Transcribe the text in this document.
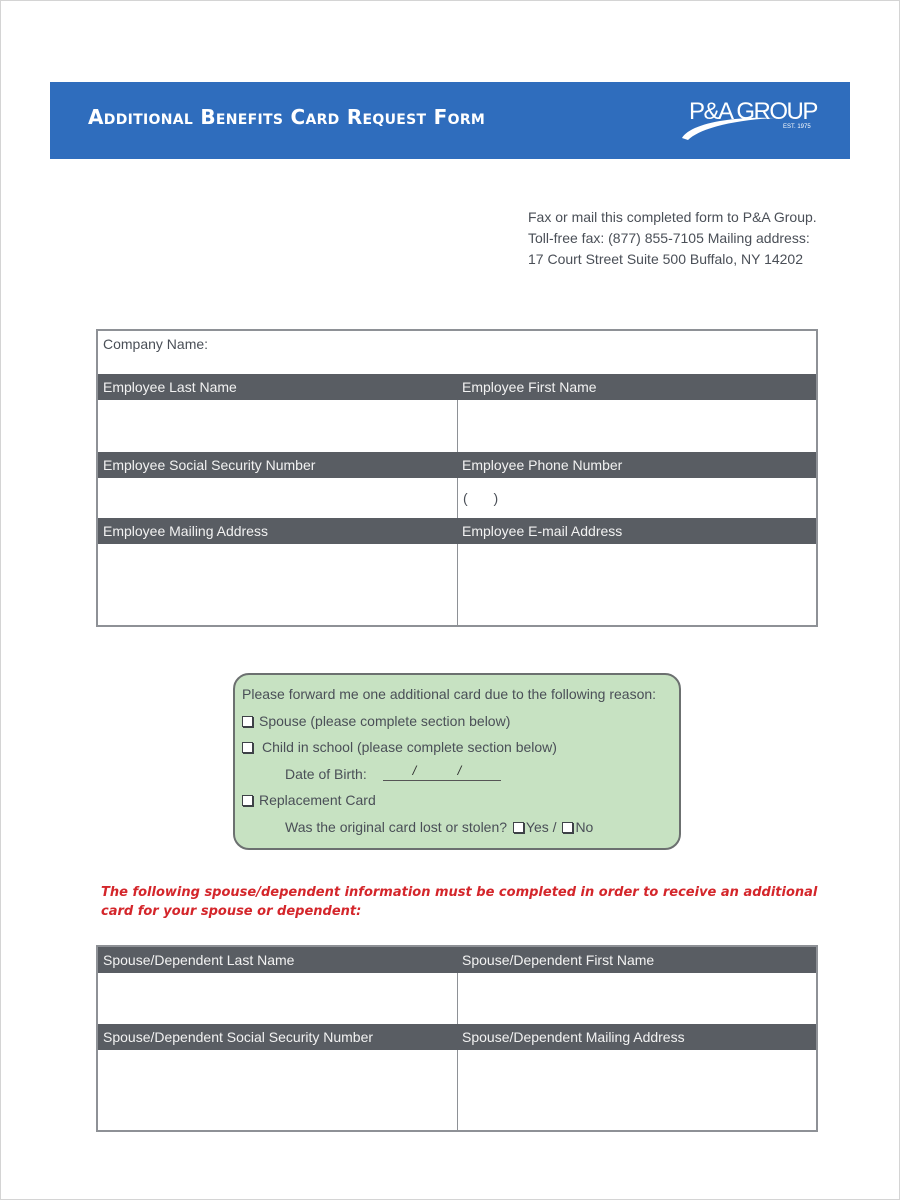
Additional Benefits Card Request Form	P&A GROUP
EST. 1975
Fax or mail this completed form to P&A Group.
Toll-free fax: (877) 855-7105 Mailing address:
17 Court Street Suite 500 Buffalo, NY 14202
Company Name:
Employee Last Name	Employee First Name
Employee Social Security Number	Employee Phone Number
( )
Employee Mailing Address	Employee E-mail Address
Please forward me one additional card due to the following reason:
Spouse (please complete section below)
Child in school (please complete section below)
Date of Birth:	/	/
Replacement Card
Was the original card lost or stolen? Yes / No
The following spouse/dependent information must be completed in order to receive an additional card for your spouse or dependent:
Spouse/Dependent Last Name	Spouse/Dependent First Name
Spouse/Dependent Social Security Number	Spouse/Dependent Mailing Address
